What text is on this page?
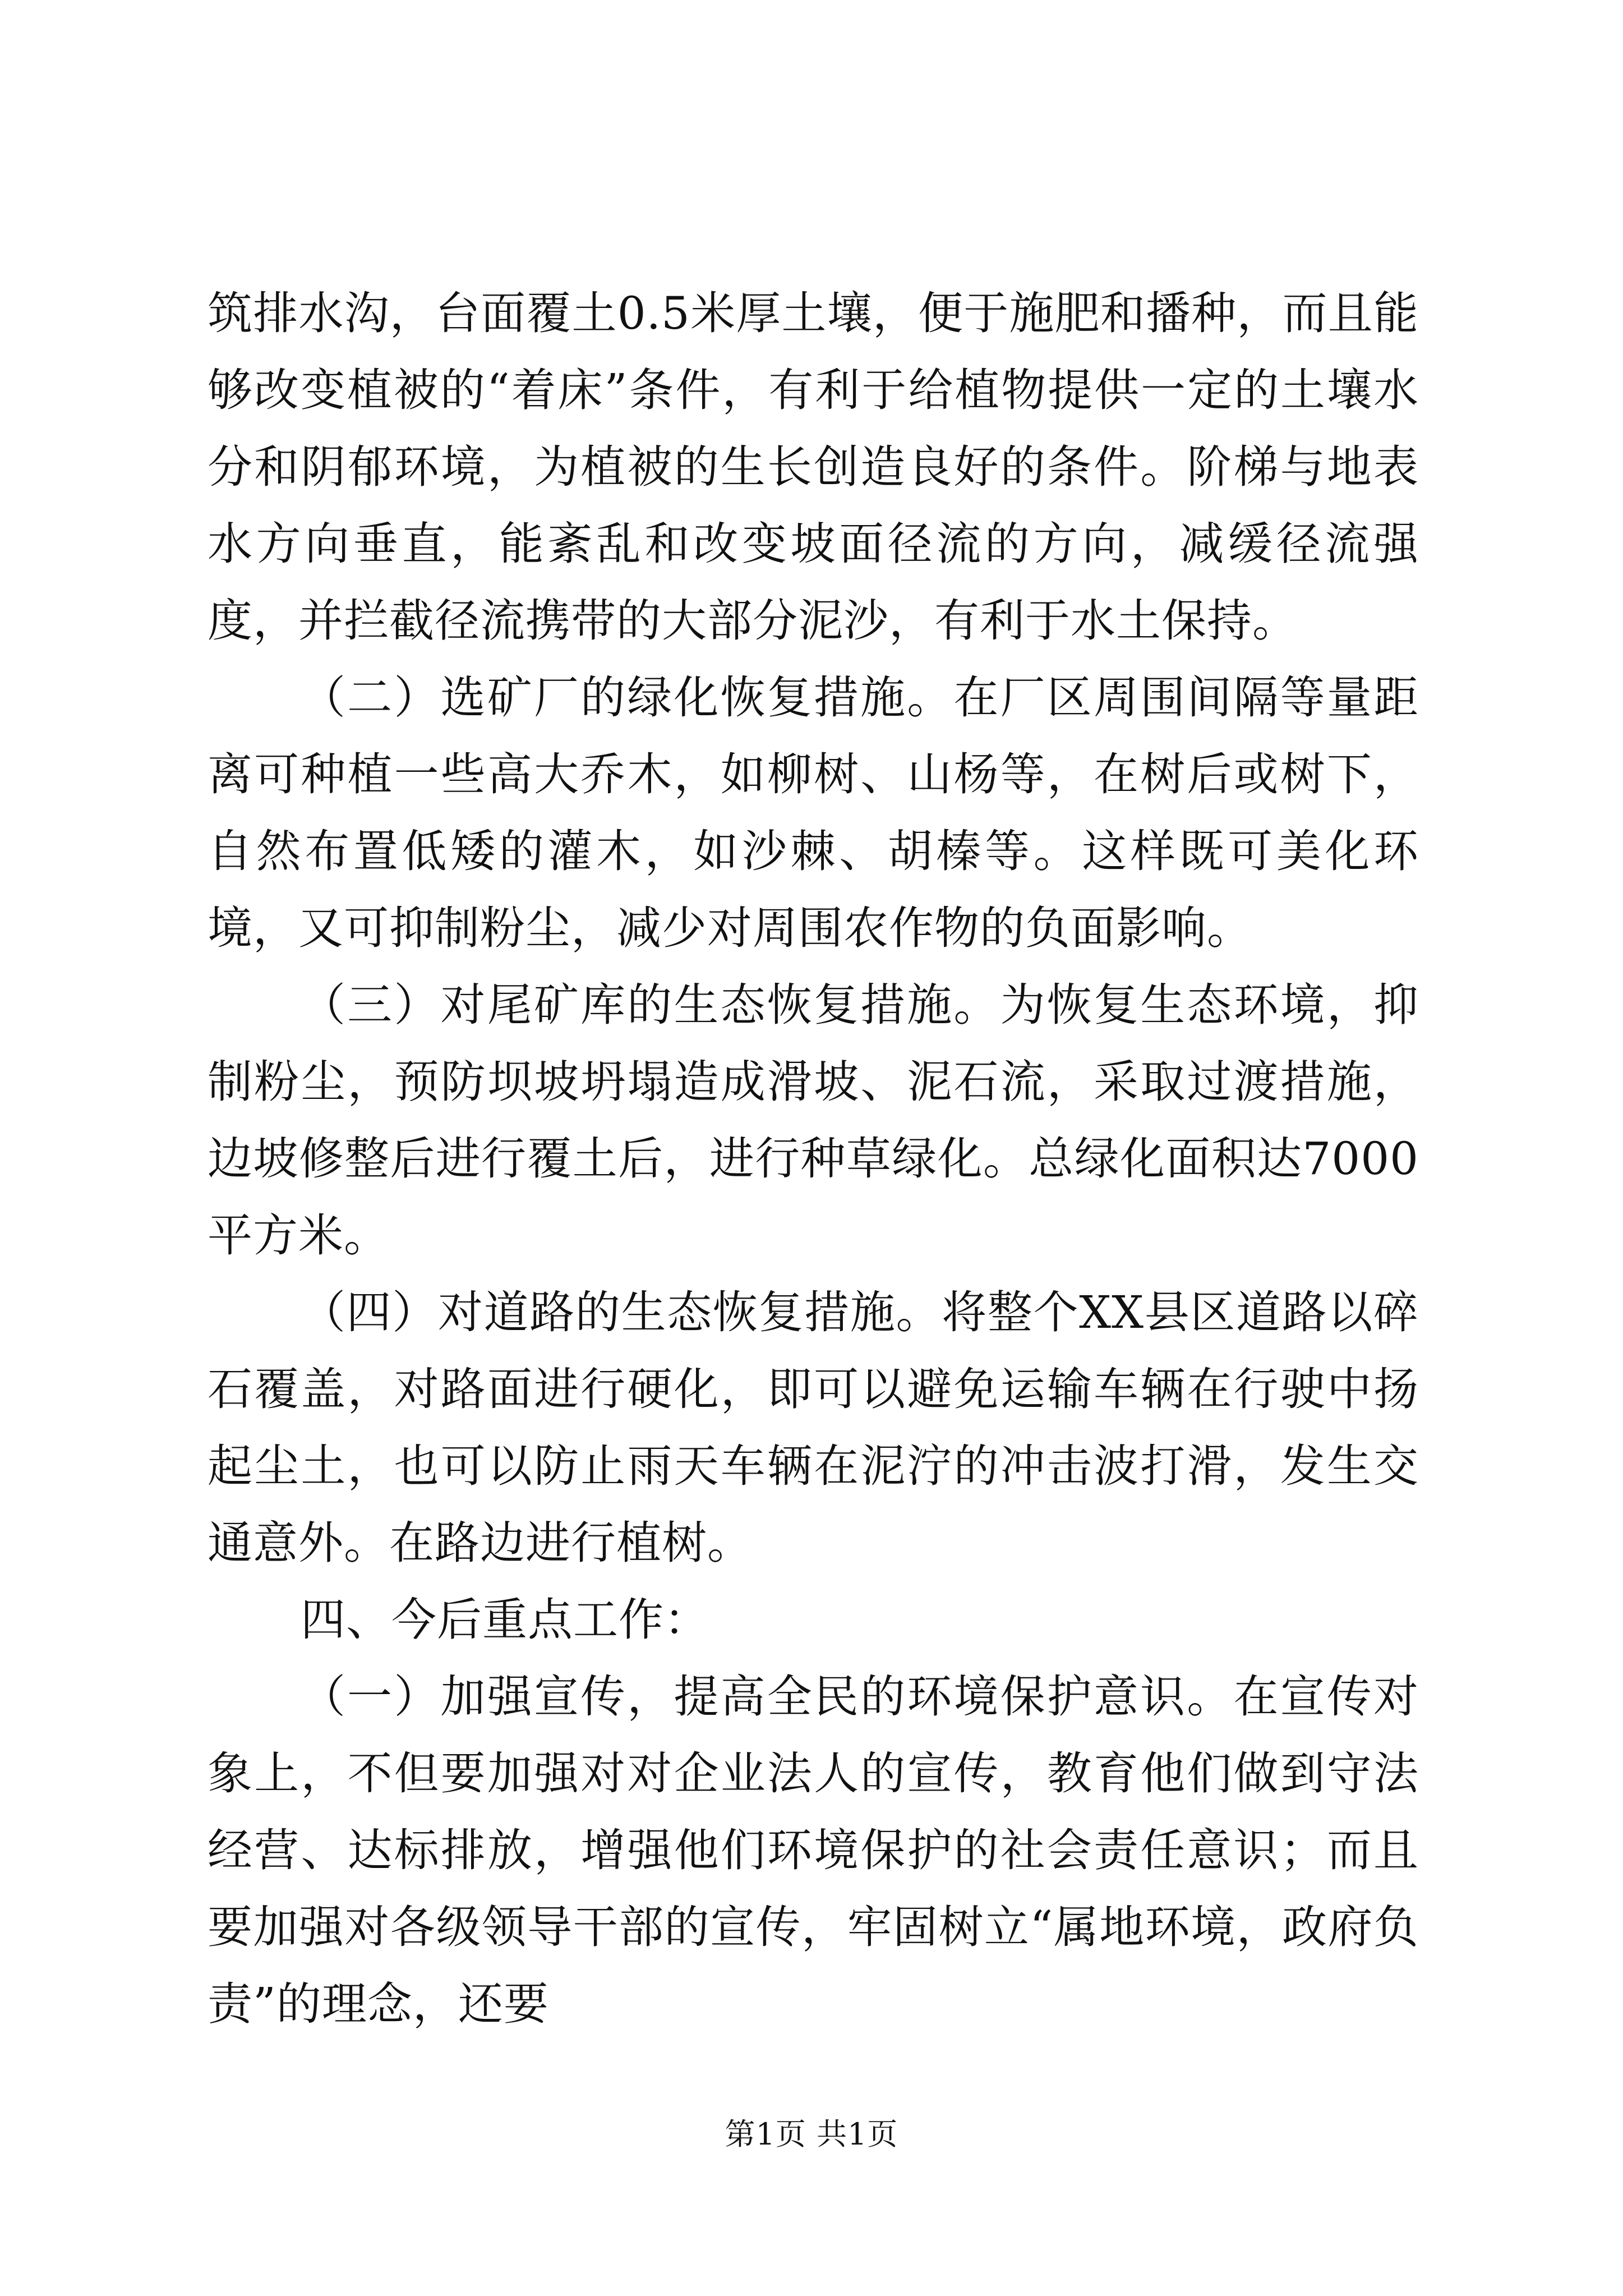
筑排水沟，台面覆土0.5米厚土壤，便于施肥和播种，而且能够改变植被的“着床”条件，有利于给植物提供一定的土壤水分和阴郁环境，为植被的生长创造良好的条件。阶梯与地表水方向垂直，能紊乱和改变坡面径流的方向，减缓径流强度，并拦截径流携带的大部分泥沙，有利于水土保持。

（二）选矿厂的绿化恢复措施。在厂区周围间隔等量距离可种植一些高大乔木，如柳树、山杨等，在树后或树下，自然布置低矮的灌木，如沙棘、胡榛等。这样既可美化环境，又可抑制粉尘，减少对周围农作物的负面影响。

（三）对尾矿库的生态恢复措施。为恢复生态环境，抑制粉尘，预防坝坡坍塌造成滑坡、泥石流，采取过渡措施，边坡修整后进行覆土后，进行种草绿化。总绿化面积达7000平方米。

（四）对道路的生态恢复措施。将整个XX县区道路以碎石覆盖，对路面进行硬化，即可以避免运输车辆在行驶中扬起尘土，也可以防止雨天车辆在泥泞的冲击波打滑，发生交通意外。在路边进行植树。

四、今后重点工作：

（一）加强宣传，提高全民的环境保护意识。在宣传对象上，不但要加强对对企业法人的宣传，教育他们做到守法经营、达标排放，增强他们环境保护的社会责任意识；而且要加强对各级领导干部的宣传，牢固树立“属地环境，政府负责”的理念，还要

第1页 共1页
